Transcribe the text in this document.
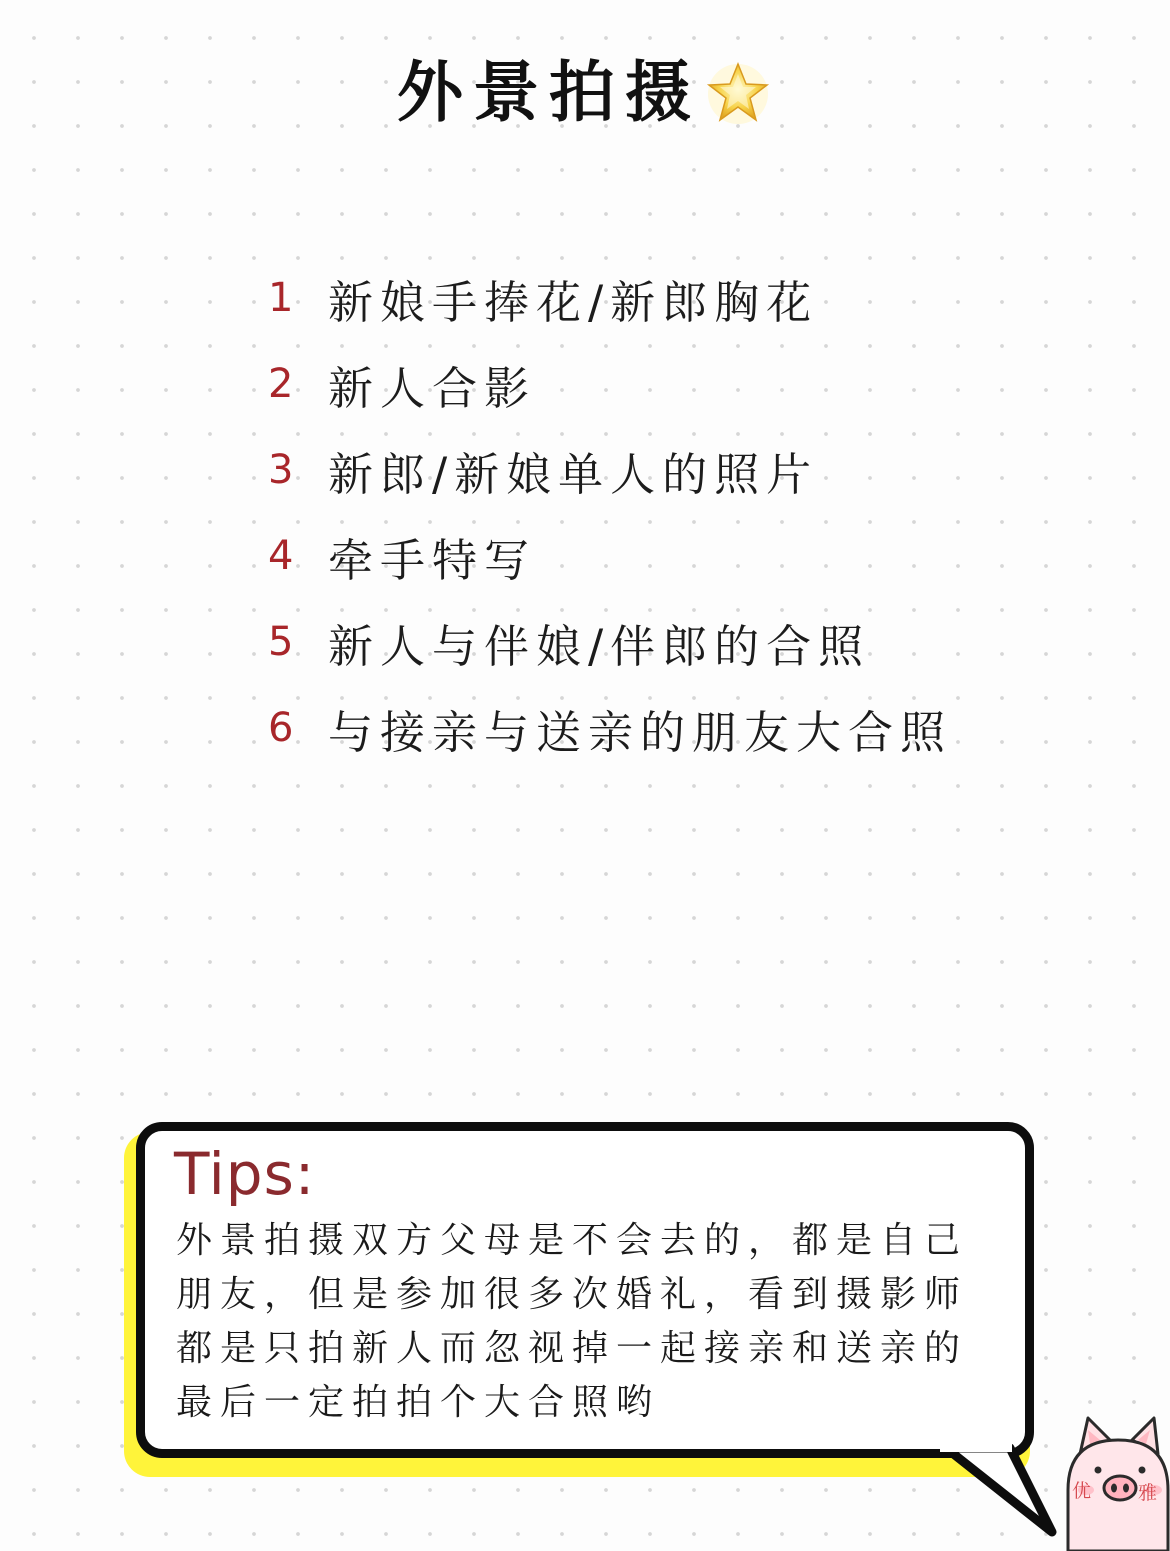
外景拍摄
1 新娘手捧花/新郎胸花
2 新人合影
3 新郎/新娘单人的照片
4 牵手特写
5 新人与伴娘/伴郎的合照
6 与接亲与送亲的朋友大合照
Tips:
外景拍摄双方父母是不会去的，都是自己
朋友，但是参加很多次婚礼，看到摄影师
都是只拍新人而忽视掉一起接亲和送亲的
最后一定拍拍个大合照哟
优 雅
